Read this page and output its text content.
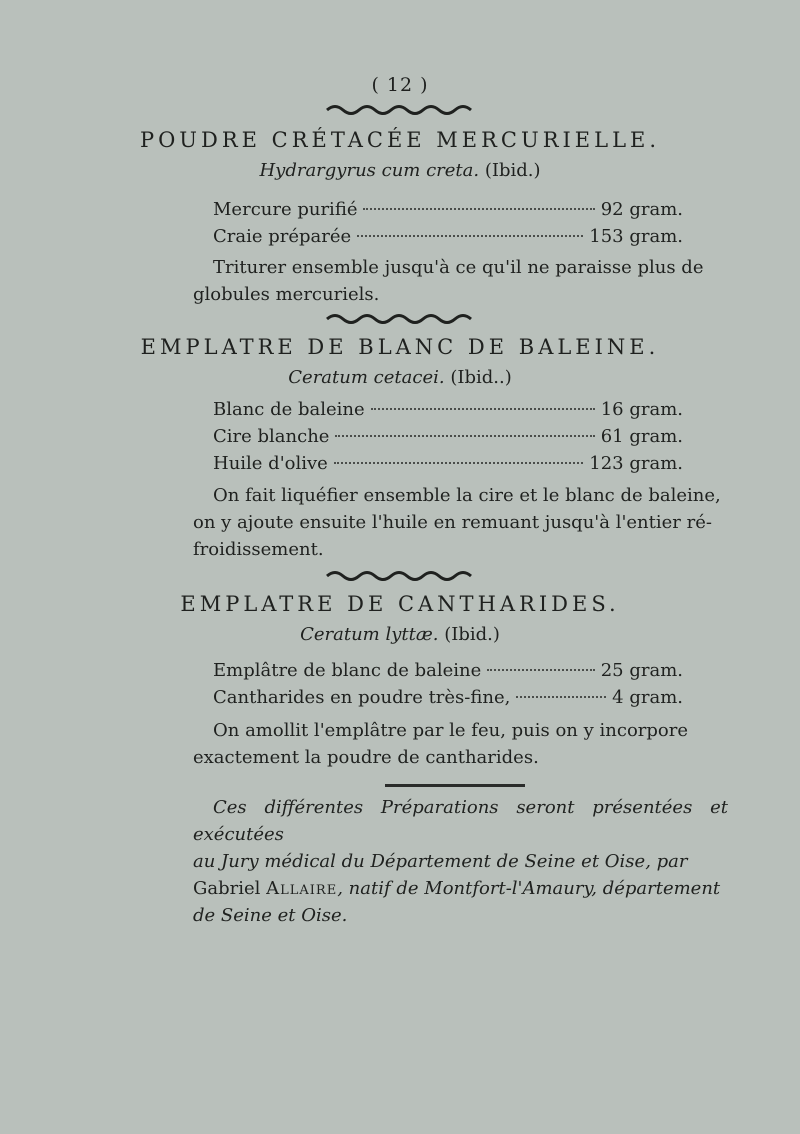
( 12 )
POUDRE CRÉTACÉE MERCURIELLE.
Hydrargyrus cum creta. (Ibid.)
Mercure purifié	92 gram.
Craie préparée	153 gram.
Triturer ensemble jusqu'à ce qu'il ne paraisse plus de
globules mercuriels.
EMPLATRE DE BLANC DE BALEINE.
Ceratum cetacei. (Ibid..)
Blanc de baleine	16 gram.
Cire blanche	61 gram.
Huile d'olive	123 gram.
On fait liquéfier ensemble la cire et le blanc de baleine,
on y ajoute ensuite l'huile en remuant jusqu'à l'entier ré-
froidissement.
EMPLATRE DE CANTHARIDES.
Ceratum lyttæ. (Ibid.)
Emplâtre de blanc de baleine	25 gram.
Cantharides en poudre très-fine,	4 gram.
On amollit l'emplâtre par le feu, puis on y incorpore
exactement la poudre de cantharides.
Ces différentes Préparations seront présentées et exécutées
au Jury médical du Département de Seine et Oise, par
Gabriel Allaire, natif de Montfort-l'Amaury, département
de Seine et Oise.
